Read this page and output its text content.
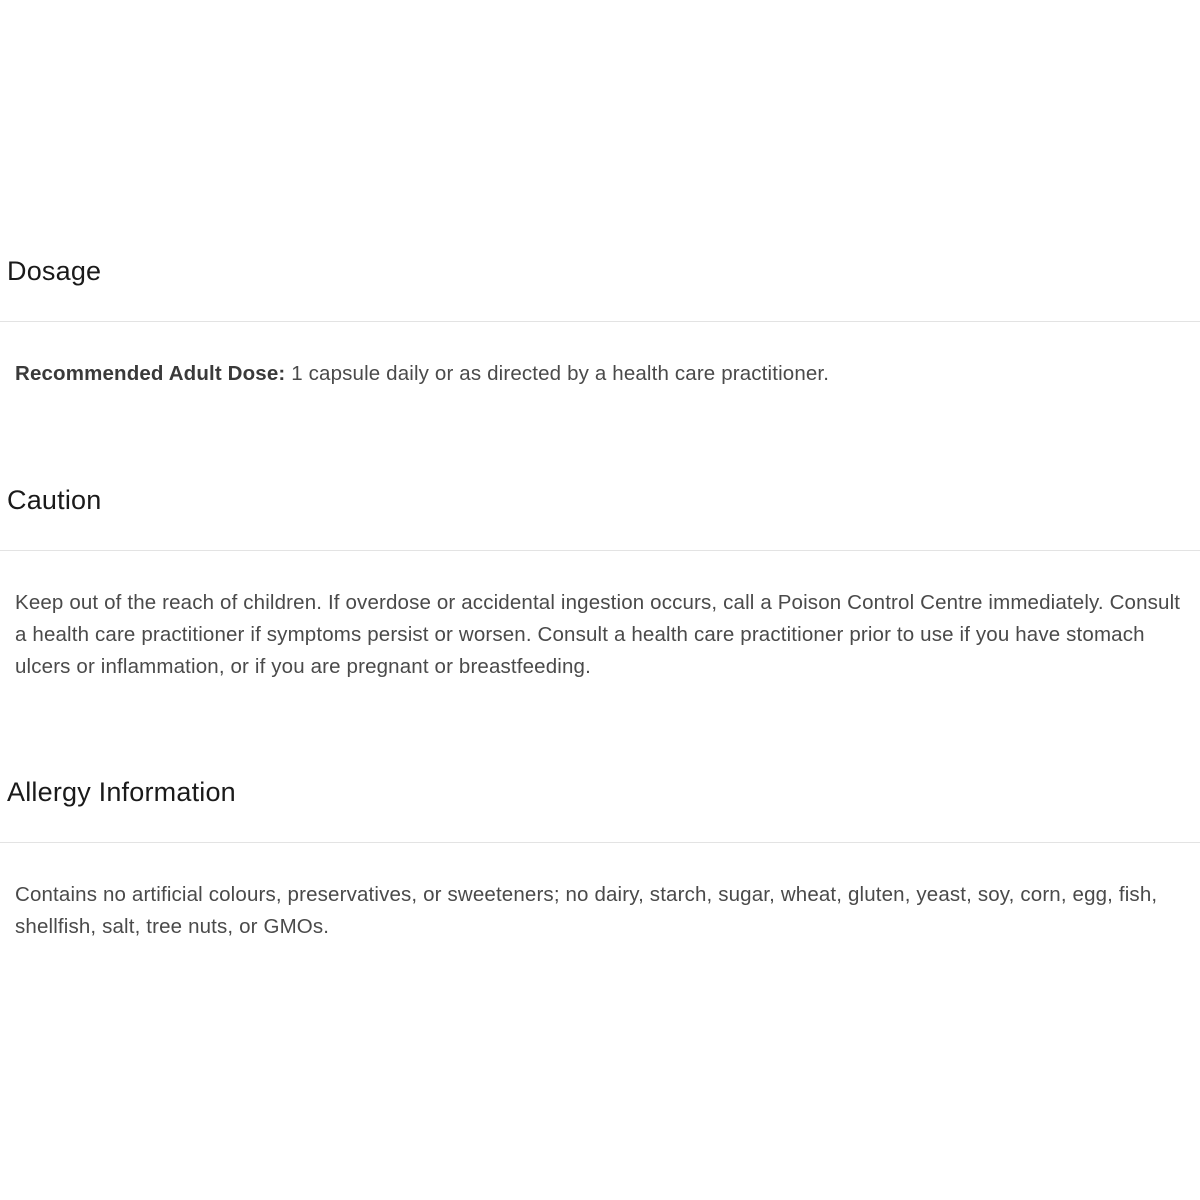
Dosage

Recommended Adult Dose: 1 capsule daily or as directed by a health care practitioner.

Caution

Keep out of the reach of children. If overdose or accidental ingestion occurs, call a Poison Control Centre immediately. Consult a health care practitioner if symptoms persist or worsen. Consult a health care practitioner prior to use if you have stomach ulcers or inflammation, or if you are pregnant or breastfeeding.

Allergy Information

Contains no artificial colours, preservatives, or sweeteners; no dairy, starch, sugar, wheat, gluten, yeast, soy, corn, egg, fish, shellfish, salt, tree nuts, or GMOs.
